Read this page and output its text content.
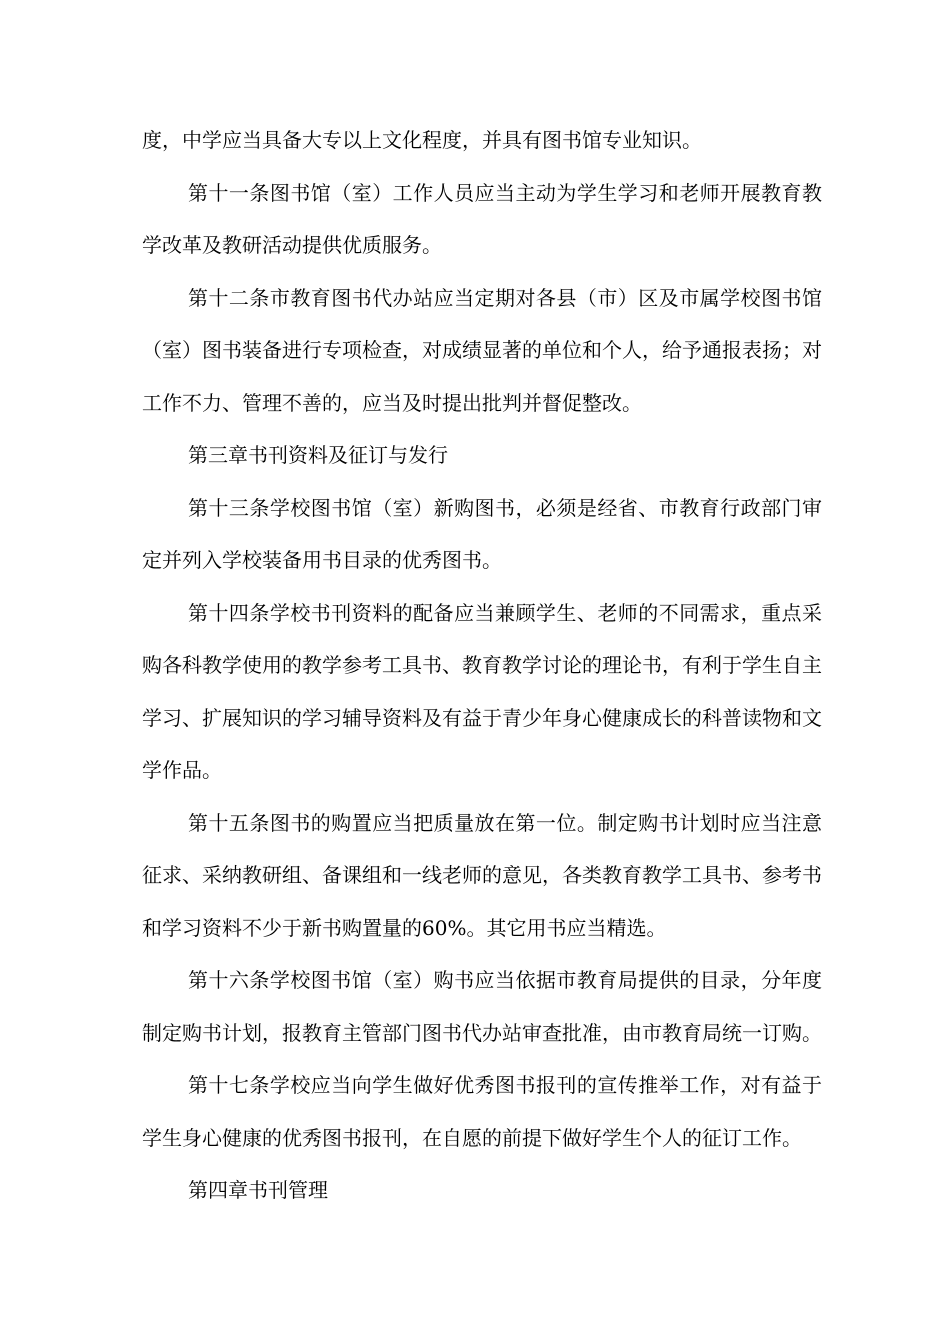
度，中学应当具备大专以上文化程度，并具有图书馆专业知识。

第十一条图书馆（室）工作人员应当主动为学生学习和老师开展教育教学改革及教研活动提供优质服务。

第十二条市教育图书代办站应当定期对各县（市）区及市属学校图书馆（室）图书装备进行专项检查，对成绩显著的单位和个人，给予通报表扬；对工作不力、管理不善的，应当及时提出批判并督促整改。

第三章书刊资料及征订与发行

第十三条学校图书馆（室）新购图书，必须是经省、市教育行政部门审定并列入学校装备用书目录的优秀图书。

第十四条学校书刊资料的配备应当兼顾学生、老师的不同需求，重点采购各科教学使用的教学参考工具书、教育教学讨论的理论书，有利于学生自主学习、扩展知识的学习辅导资料及有益于青少年身心健康成长的科普读物和文学作品。

第十五条图书的购置应当把质量放在第一位。制定购书计划时应当注意征求、采纳教研组、备课组和一线老师的意见，各类教育教学工具书、参考书和学习资料不少于新书购置量的60%。其它用书应当精选。

第十六条学校图书馆（室）购书应当依据市教育局提供的目录，分年度制定购书计划，报教育主管部门图书代办站审查批准，由市教育局统一订购。

第十七条学校应当向学生做好优秀图书报刊的宣传推举工作，对有益于学生身心健康的优秀图书报刊，在自愿的前提下做好学生个人的征订工作。

第四章书刊管理
